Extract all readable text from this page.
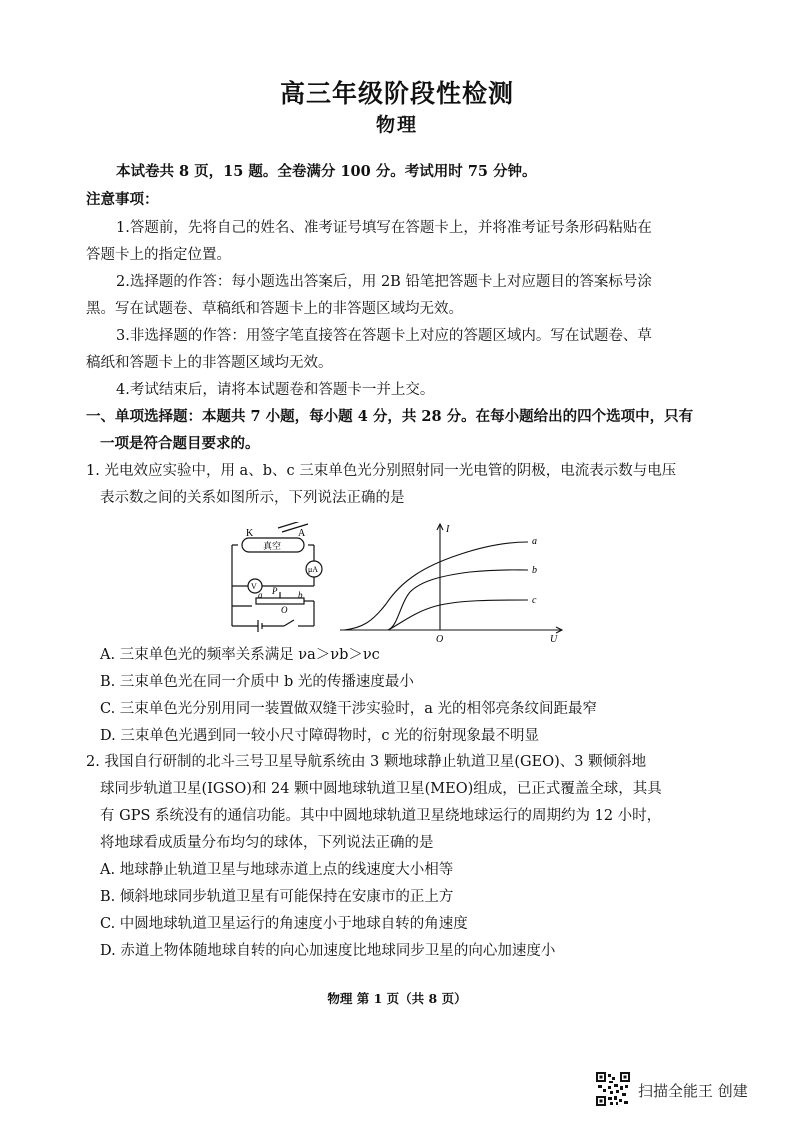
高三年级阶段性检测
物理
本试卷共 8 页，15 题。全卷满分 100 分。考试用时 75 分钟。
注意事项：
1.答题前，先将自己的姓名、准考证号填写在答题卡上，并将准考证号条形码粘贴在
答题卡上的指定位置。
2.选择题的作答：每小题选出答案后，用 2B 铅笔把答题卡上对应题目的答案标号涂
黑。写在试题卷、草稿纸和答题卡上的非答题区域均无效。
3.非选择题的作答：用签字笔直接答在答题卡上对应的答题区域内。写在试题卷、草
稿纸和答题卡上的非答题区域均无效。
4.考试结束后，请将本试题卷和答题卡一并上交。
一、单项选择题：本题共 7 小题，每小题 4 分，共 28 分。在每小题给出的四个选项中，只有
一项是符合题目要求的。
1. 光电效应实验中，用 a、b、c 三束单色光分别照射同一光电管的阴极，电流表示数与电压
表示数之间的关系如图所示，下列说法正确的是
K	A
真空
μA
V P
a	b
O
I
U
O
a
b
c
A. 三束单色光的频率关系满足 νa＞νb＞νc
B. 三束单色光在同一介质中 b 光的传播速度最小
C. 三束单色光分别用同一装置做双缝干涉实验时，a 光的相邻亮条纹间距最窄
D. 三束单色光遇到同一较小尺寸障碍物时，c 光的衍射现象最不明显
2. 我国自行研制的北斗三号卫星导航系统由 3 颗地球静止轨道卫星(GEO)、3 颗倾斜地
球同步轨道卫星(IGSO)和 24 颗中圆地球轨道卫星(MEO)组成，已正式覆盖全球，其具
有 GPS 系统没有的通信功能。其中中圆地球轨道卫星绕地球运行的周期约为 12 小时，
将地球看成质量分布均匀的球体，下列说法正确的是
A. 地球静止轨道卫星与地球赤道上点的线速度大小相等
B. 倾斜地球同步轨道卫星有可能保持在安康市的正上方
C. 中圆地球轨道卫星运行的角速度小于地球自转的角速度
D. 赤道上物体随地球自转的向心加速度比地球同步卫星的向心加速度小
物理 第 1 页（共 8 页）
扫描全能王 创建
